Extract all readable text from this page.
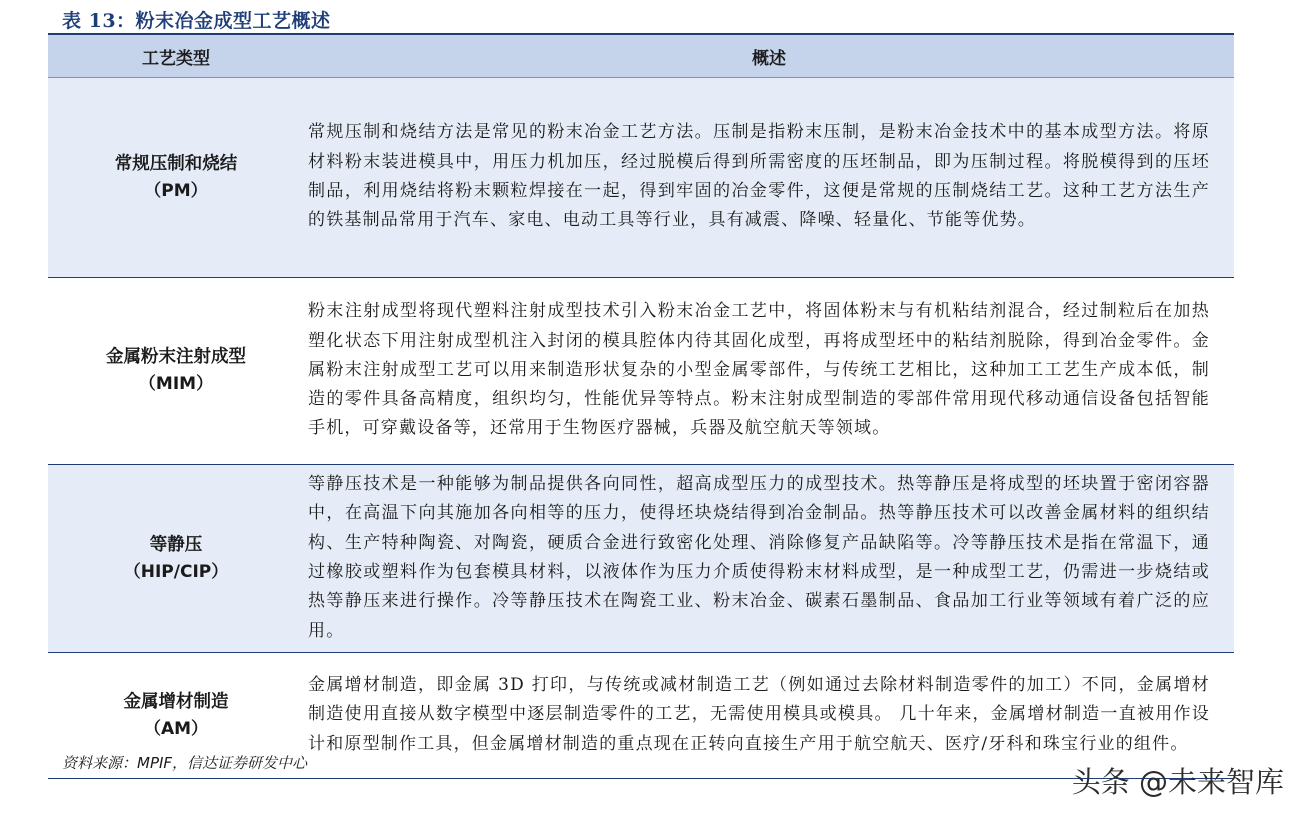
表 13：粉末冶金成型工艺概述
工艺类型	概述
常规压制和烧结
（PM）	常规压制和烧结方法是常见的粉末冶金工艺方法。压制是指粉末压制，是粉末冶金技术中的基本成型方法。将原材料粉末装进模具中，用压力机加压，经过脱模后得到所需密度的压坯制品，即为压制过程。将脱模得到的压坯制品，利用烧结将粉末颗粒焊接在一起，得到牢固的冶金零件，这便是常规的压制烧结工艺。这种工艺方法生产的铁基制品常用于汽车、家电、电动工具等行业，具有减震、降噪、轻量化、节能等优势。
金属粉末注射成型
（MIM）	粉末注射成型将现代塑料注射成型技术引入粉末冶金工艺中，将固体粉末与有机粘结剂混合，经过制粒后在加热塑化状态下用注射成型机注入封闭的模具腔体内待其固化成型，再将成型坯中的粘结剂脱除，得到冶金零件。金属粉末注射成型工艺可以用来制造形状复杂的小型金属零部件，与传统工艺相比，这种加工工艺生产成本低，制造的零件具备高精度，组织均匀，性能优异等特点。粉末注射成型制造的零部件常用现代移动通信设备包括智能手机，可穿戴设备等，还常用于生物医疗器械，兵器及航空航天等领域。
等静压
（HIP/CIP）	等静压技术是一种能够为制品提供各向同性，超高成型压力的成型技术。热等静压是将成型的坯块置于密闭容器中，在高温下向其施加各向相等的压力，使得坯块烧结得到冶金制品。热等静压技术可以改善金属材料的组织结构、生产特种陶瓷、对陶瓷，硬质合金进行致密化处理、消除修复产品缺陷等。冷等静压技术是指在常温下，通过橡胶或塑料作为包套模具材料，以液体作为压力介质使得粉末材料成型，是一种成型工艺，仍需进一步烧结或热等静压来进行操作。冷等静压技术在陶瓷工业、粉末冶金、碳素石墨制品、食品加工行业等领域有着广泛的应用。
金属增材制造
（AM）	金属增材制造，即金属 3D 打印，与传统或减材制造工艺（例如通过去除材料制造零件的加工）不同，金属增材制造使用直接从数字模型中逐层制造零件的工艺，无需使用模具或模具。 几十年来，金属增材制造一直被用作设计和原型制作工具，但金属增材制造的重点现在正转向直接生产用于航空航天、医疗/牙科和珠宝行业的组件。
资料来源：MPIF，信达证券研发中心
头条 @未来智库
